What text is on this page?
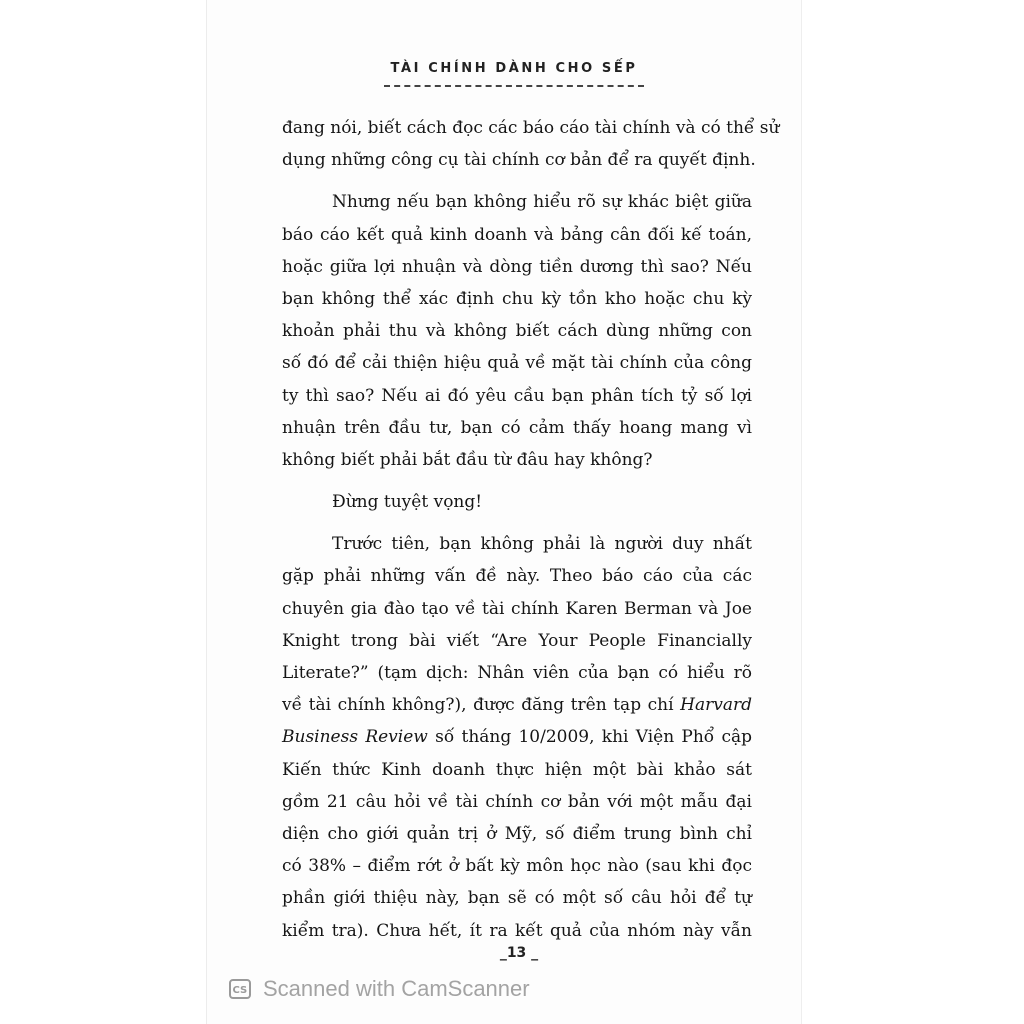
TÀI CHÍNH DÀNH CHO SẾP
đang nói, biết cách đọc các báo cáo tài chính và có thể sử
dụng những công cụ tài chính cơ bản để ra quyết định.
Nhưng nếu bạn không hiểu rõ sự khác biệt giữa
báo cáo kết quả kinh doanh và bảng cân đối kế toán,
hoặc giữa lợi nhuận và dòng tiền dương thì sao? Nếu
bạn không thể xác định chu kỳ tồn kho hoặc chu kỳ
khoản phải thu và không biết cách dùng những con
số đó để cải thiện hiệu quả về mặt tài chính của công
ty thì sao? Nếu ai đó yêu cầu bạn phân tích tỷ số lợi
nhuận trên đầu tư, bạn có cảm thấy hoang mang vì
không biết phải bắt đầu từ đâu hay không?
Đừng tuyệt vọng!
Trước tiên, bạn không phải là người duy nhất
gặp phải những vấn đề này. Theo báo cáo của các
chuyên gia đào tạo về tài chính Karen Berman và Joe
Knight trong bài viết “Are Your People Financially
Literate?” (tạm dịch: Nhân viên của bạn có hiểu rõ
về tài chính không?), được đăng trên tạp chí Harvard
Business Review số tháng 10/2009, khi Viện Phổ cập
Kiến thức Kinh doanh thực hiện một bài khảo sát
gồm 21 câu hỏi về tài chính cơ bản với một mẫu đại
diện cho giới quản trị ở Mỹ, số điểm trung bình chỉ
có 38% – điểm rớt ở bất kỳ môn học nào (sau khi đọc
phần giới thiệu này, bạn sẽ có một số câu hỏi để tự
kiểm tra). Chưa hết, ít ra kết quả của nhóm này vẫn
_13 _
CS Scanned with CamScanner
